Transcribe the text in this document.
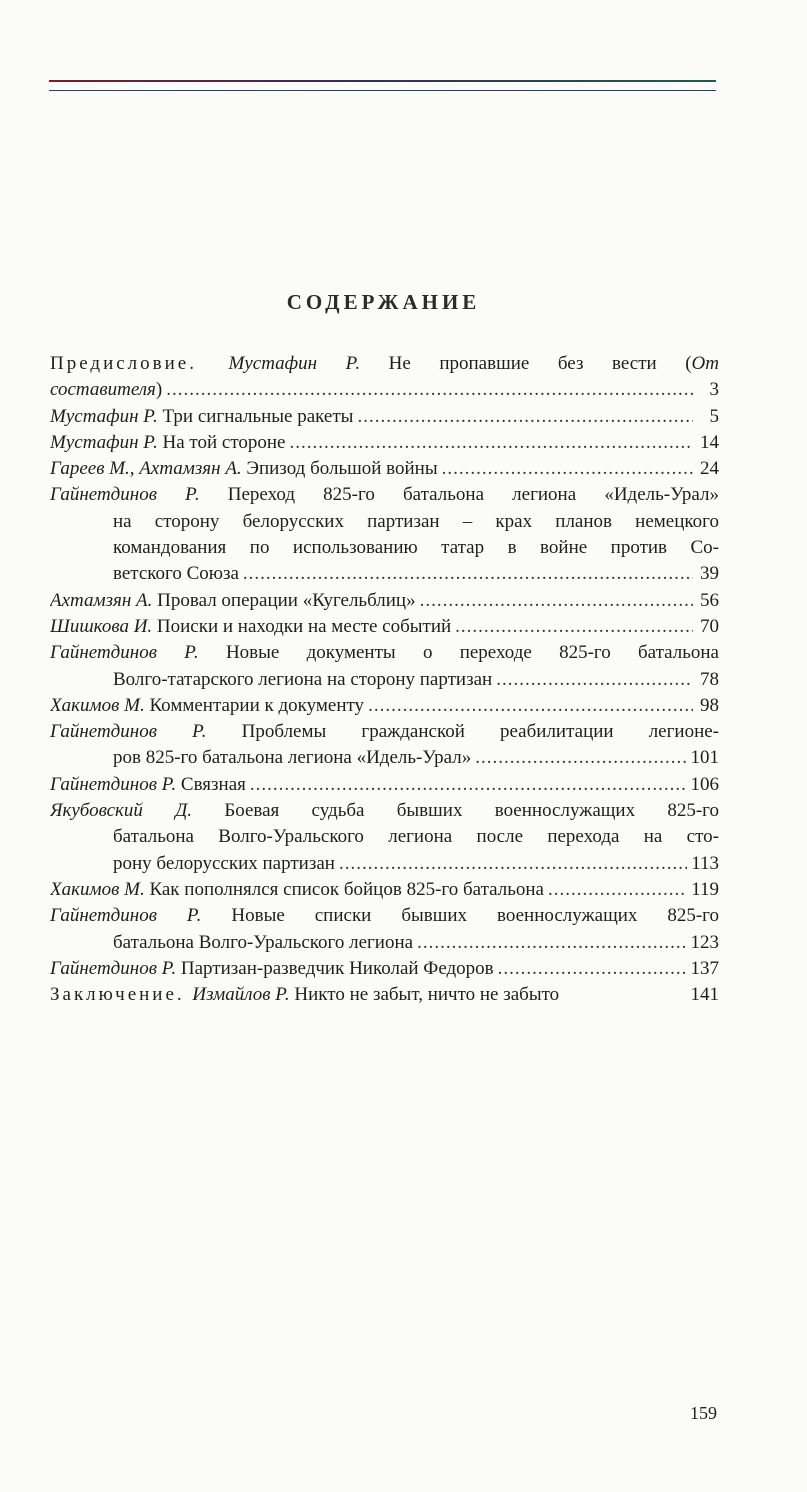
СОДЕРЖАНИЕ
Предисловие. Мустафин Р. Не пропавшие без вести (От
составителя) .....	3
Мустафин Р. Три сигнальные ракеты .....	5
Мустафин Р. На той стороне .....	14
Гареев М., Ахтамзян А. Эпизод большой войны .....	24
Гайнетдинов Р. Переход 825-го батальона легиона «Идель-Урал»
на сторону белорусских партизан – крах планов немецкого
командования по использованию татар в войне против Со-
ветского Союза .....	39
Ахтамзян А. Провал операции «Кугельблиц» .....	56
Шишкова И. Поиски и находки на месте событий .....	70
Гайнетдинов Р. Новые документы о переходе 825-го батальона
Волго-татарского легиона на сторону партизан .....	78
Хакимов М. Комментарии к документу .....	98
Гайнетдинов Р. Проблемы гражданской реабилитации легионе-
ров 825-го батальона легиона «Идель-Урал» .....	101
Гайнетдинов Р. Связная .....	106
Якубовский Д. Боевая судьба бывших военнослужащих 825-го
батальона Волго-Уральского легиона после перехода на сто-
рону белорусских партизан .....	113
Хакимов М. Как пополнялся список бойцов 825-го батальона .....	119
Гайнетдинов Р. Новые списки бывших военнослужащих 825-го
батальона Волго-Уральского легиона .....	123
Гайнетдинов Р. Партизан-разведчик Николай Федоров .....	137
Заключение. Измайлов Р. Никто не забыт, ничто не забыто	141
159
